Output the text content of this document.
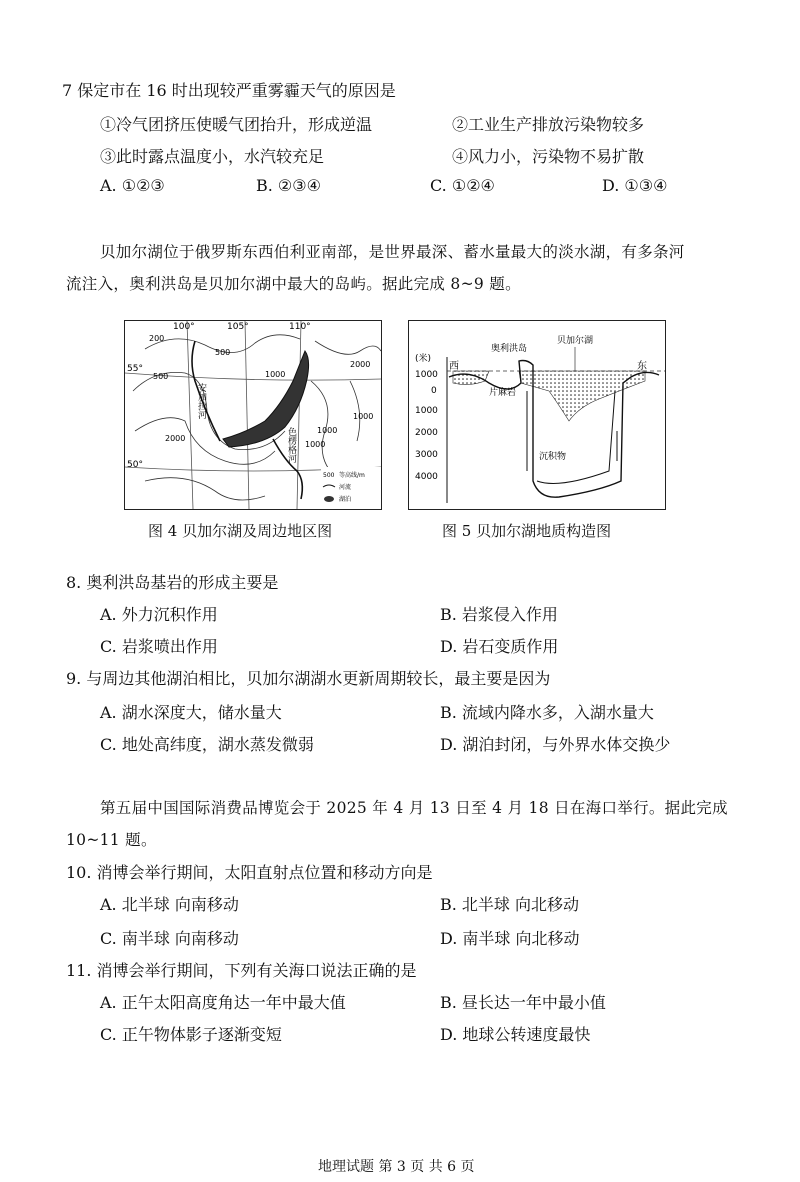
7 保定市在 16 时出现较严重雾霾天气的原因是
①冷气团挤压使暖气团抬升，形成逆温	②工业生产排放污染物较多
③此时露点温度小，水汽较充足	④风力小，污染物不易扩散
A. ①②③	B. ②③④	C. ①②④	D. ①③④
贝加尔湖位于俄罗斯东西伯利亚南部，是世界最深、蓄水量最大的淡水湖，有多条河
流注入，奥利洪岛是贝加尔湖中最大的岛屿。据此完成 8~9 题。
100°	105°	110°
55°
50°
200
500
500	1000
2000
2000
1000
1000
1000
安加拉河
色楞格河
500 等高线/m
河流
湖泊
图 4 贝加尔湖及周边地区图
(米)
1000
0
1000
2000
3000
4000
西	东
奥利洪岛
贝加尔湖
片麻岩
沉积物
图 5 贝加尔湖地质构造图
8. 奥利洪岛基岩的形成主要是
A. 外力沉积作用	B. 岩浆侵入作用
C. 岩浆喷出作用	D. 岩石变质作用
9. 与周边其他湖泊相比，贝加尔湖湖水更新周期较长，最主要是因为
A. 湖水深度大，储水量大	B. 流域内降水多，入湖水量大
C. 地处高纬度，湖水蒸发微弱	D. 湖泊封闭，与外界水体交换少
第五届中国国际消费品博览会于 2025 年 4 月 13 日至 4 月 18 日在海口举行。据此完成
10~11 题。
10. 消博会举行期间，太阳直射点位置和移动方向是
A. 北半球 向南移动	B. 北半球 向北移动
C. 南半球 向南移动	D. 南半球 向北移动
11. 消博会举行期间，下列有关海口说法正确的是
A. 正午太阳高度角达一年中最大值	B. 昼长达一年中最小值
C. 正午物体影子逐渐变短	D. 地球公转速度最快
地理试题 第 3 页 共 6 页
